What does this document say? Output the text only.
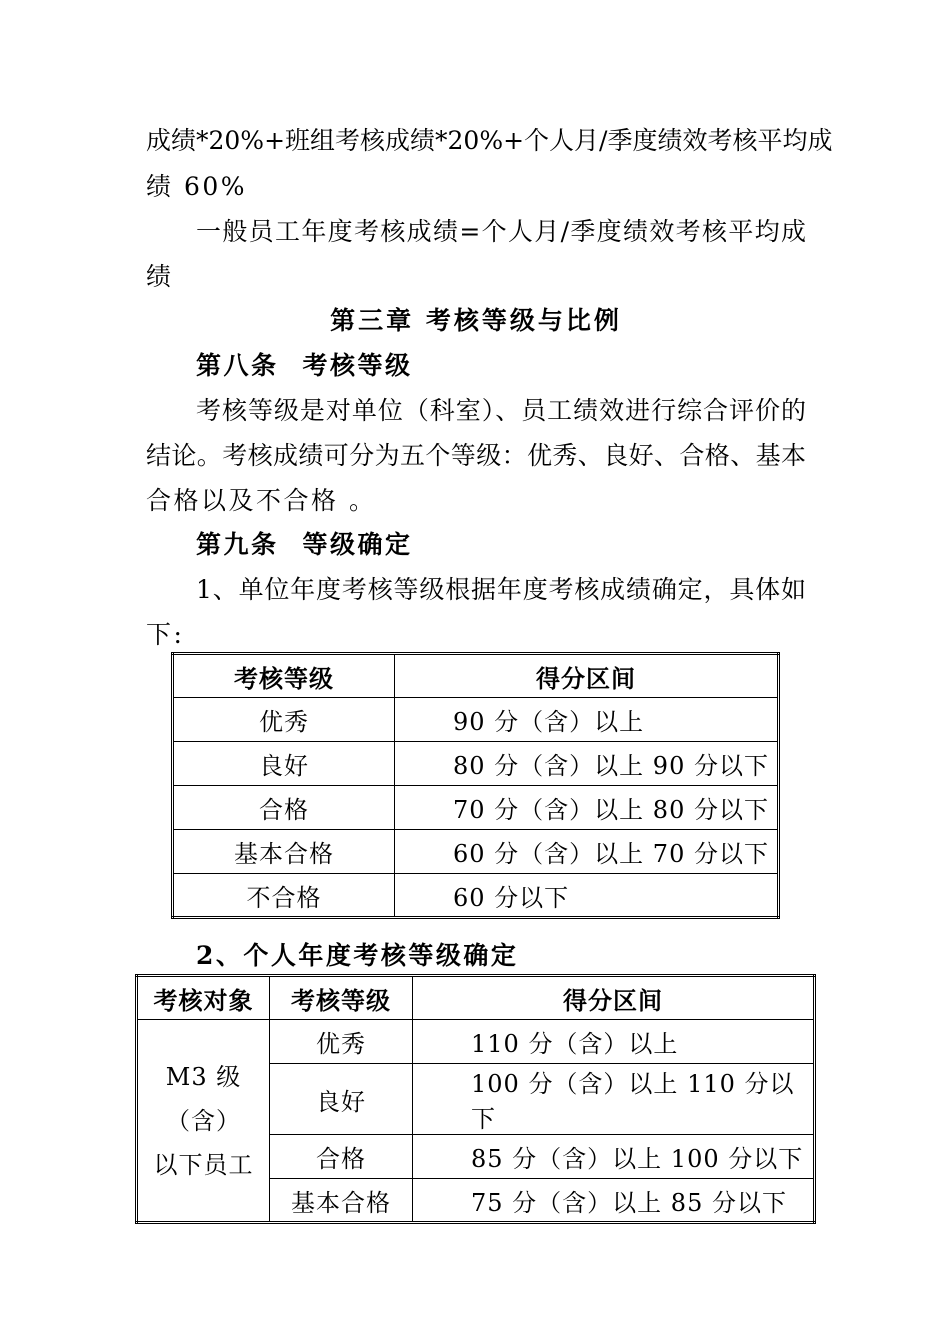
成绩*20%+班组考核成绩*20%+个人月/季度绩效考核平均成
绩 60%
一般员工年度考核成绩=个人月/季度绩效考核平均成
绩
第三章 考核等级与比例
第八条 考核等级
考核等级是对单位（科室）、员工绩效进行综合评价的
结论。考核成绩可分为五个等级：优秀、良好、合格、基本
合格以及不合格 。
第九条 等级确定
1、单位年度考核等级根据年度考核成绩确定，具体如
下:
考核等级	得分区间
优秀	90 分（含）以上
良好	80 分（含）以上 90 分以下
合格	70 分（含）以上 80 分以下
基本合格	60 分（含）以上 70 分以下
不合格	60 分以下
2、个人年度考核等级确定
考核对象	考核等级	得分区间

M3 级（含）
以下员工	优秀	110 分（含）以上
	良好	100 分（含）以上 110 分以下
	合格	85 分（含）以上 100 分以下
	基本合格	75 分（含）以上 85 分以下
